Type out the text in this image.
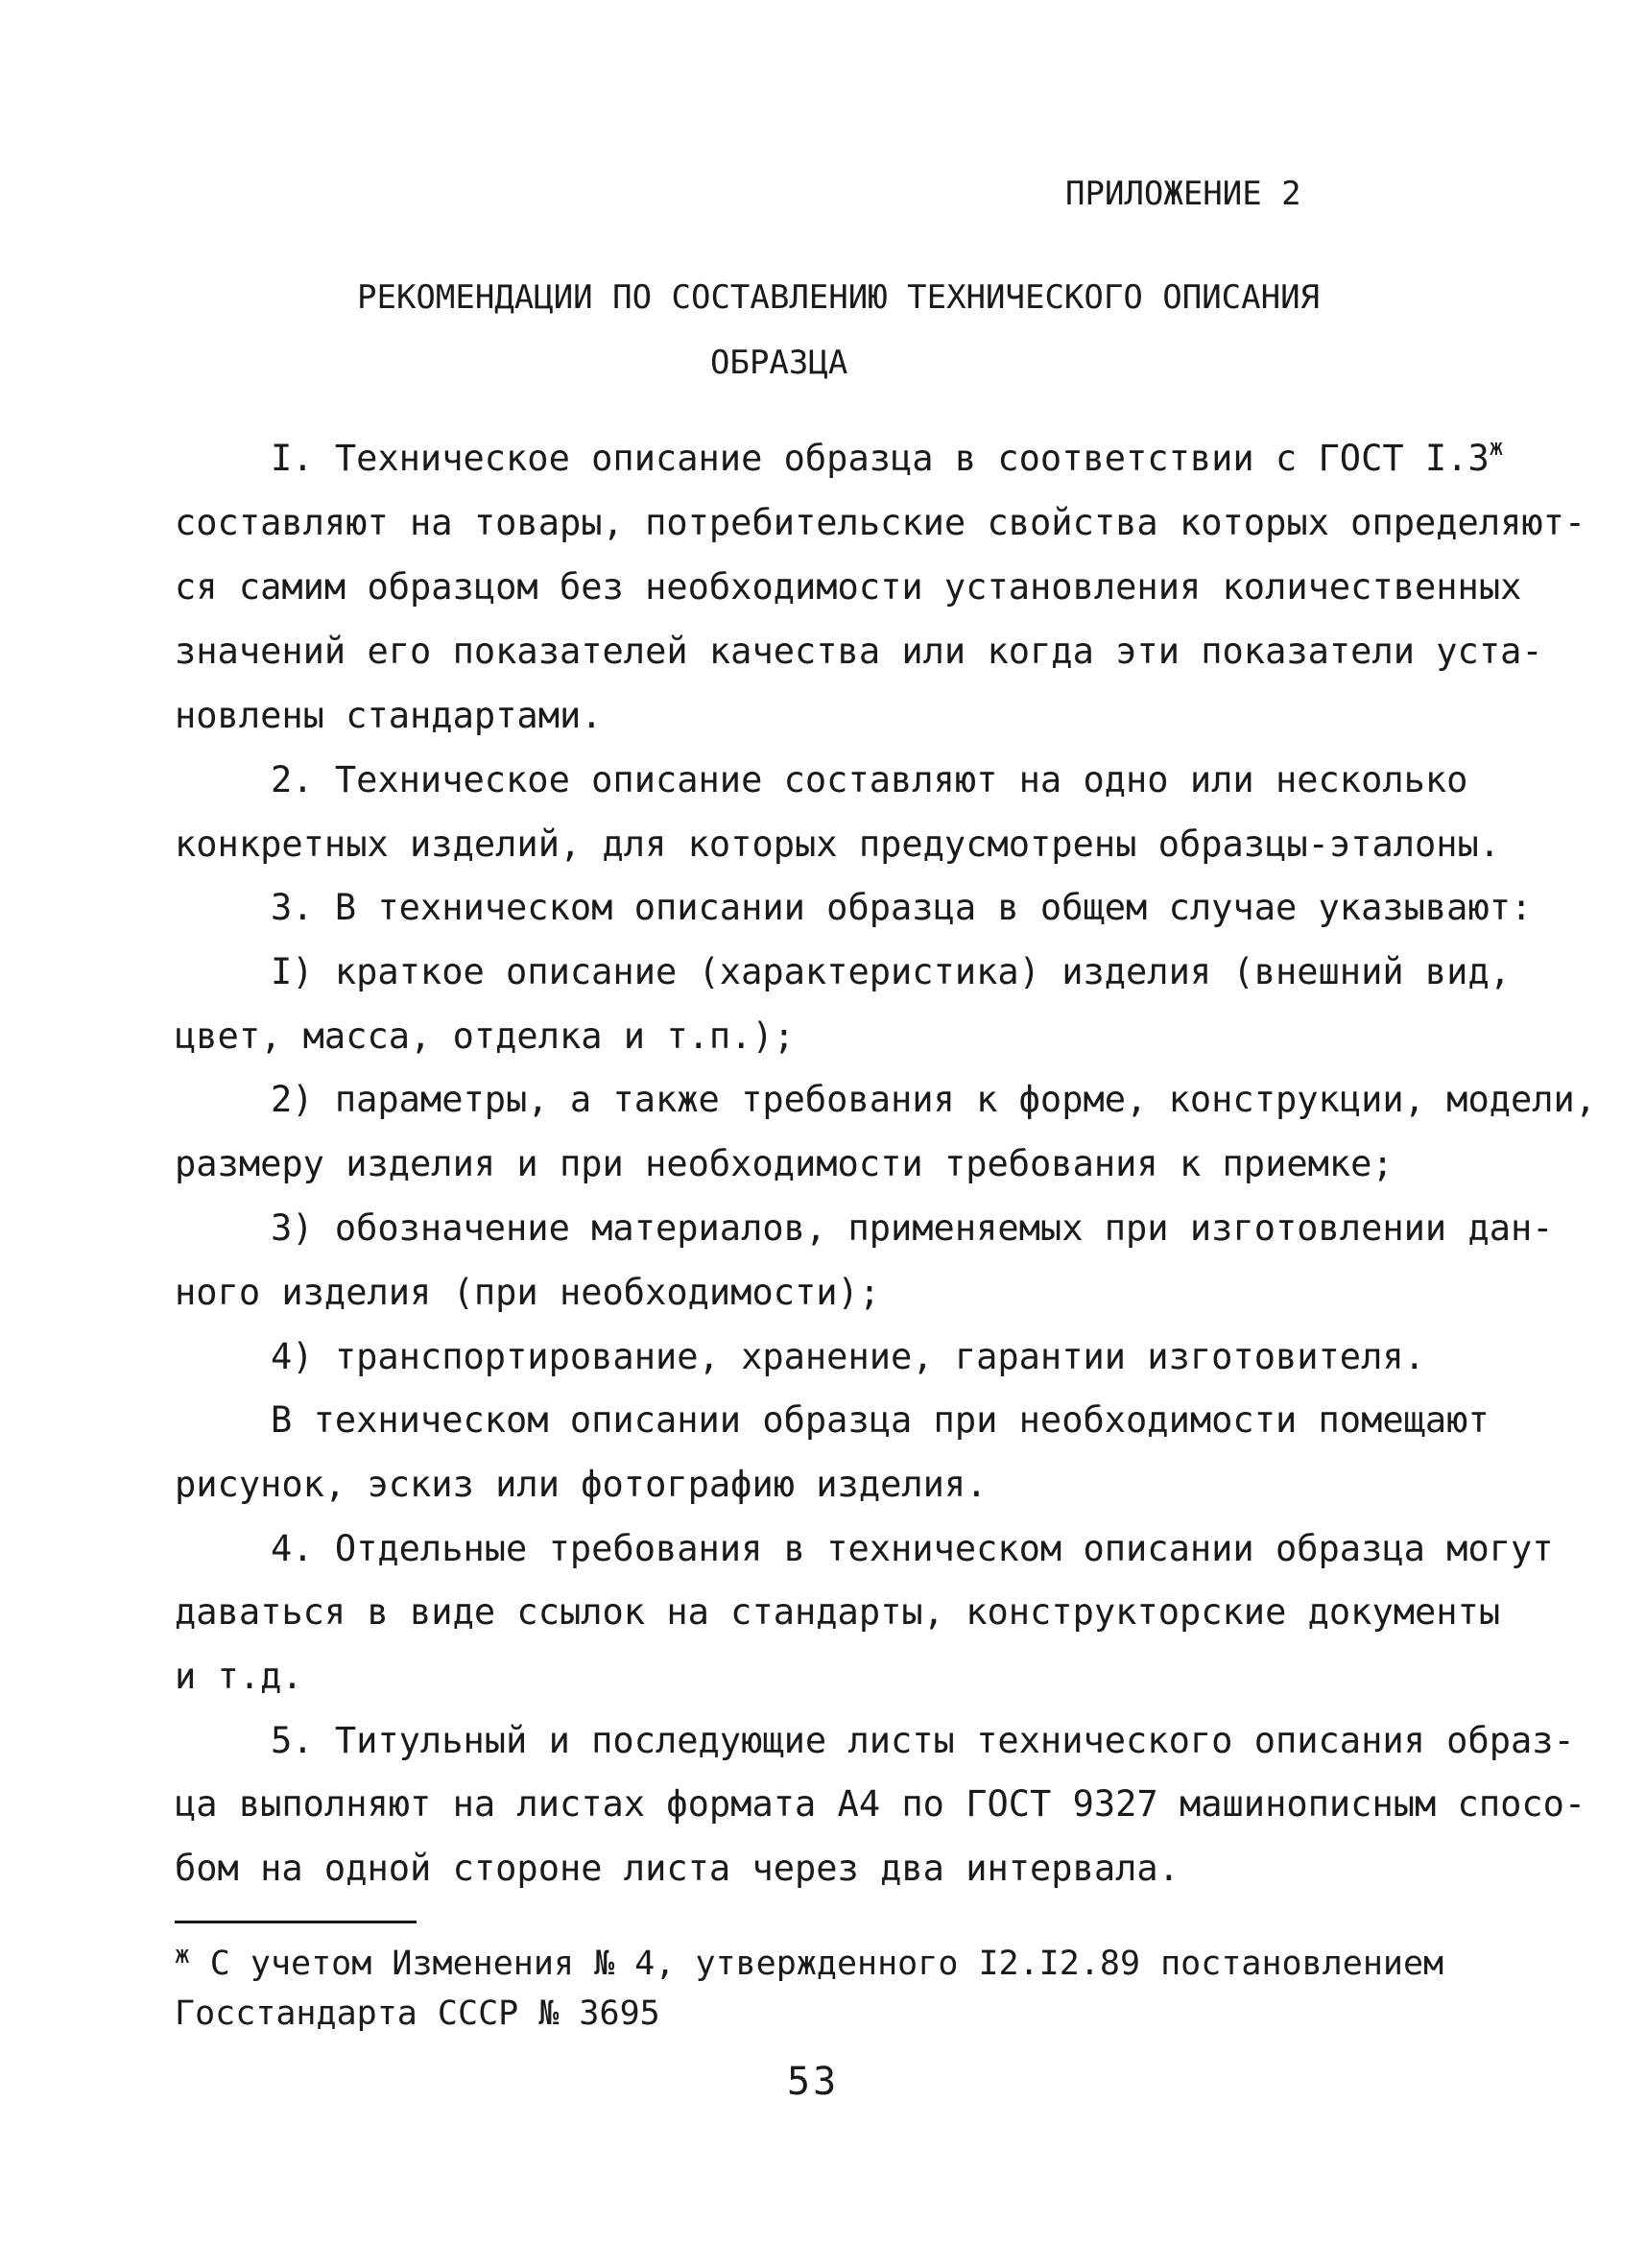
ПРИЛОЖЕНИЕ 2
РЕКОМЕНДАЦИИ ПО СОСТАВЛЕНИЮ ТЕХНИЧЕСКОГО ОПИСАНИЯ
ОБРАЗЦА
I. Техническое описание образца в соответствии с ГОСТ $I.3^ж$
составляют на товары, потребительские свойства которых определяют-
ся самим образцом без необходимости установления количественных
значений его показателей качества или когда эти показатели уста-
новлены стандартами.
2. Техническое описание составляют на одно или несколько
конкретных изделий, для которых предусмотрены образцы-эталоны.
3. В техническом описании образца в общем случае указывают:
I) краткое описание (характеристика) изделия (внешний вид,
цвет, масса, отделка и т.п.);
2) параметры, а также требования к форме, конструкции, модели,
размеру изделия и при необходимости требования к приемке;
3) обозначение материалов, применяемых при изготовлении дан-
ного изделия (при необходимости);
4) транспортирование, хранение, гарантии изготовителя.
В техническом описании образца при необходимости помещают
рисунок, эскиз или фотографию изделия.
4. Отдельные требования в техническом описании образца могут
даваться в виде ссылок на стандарты, конструкторские документы
и т.д.
5. Титульный и последующие листы технического описания образ-
ца выполняют на листах формата А4 по ГОСТ 9327 машинописным спосо-
бом на одной стороне листа через два интервала.
$^ж$ С учетом Изменения № 4, утвержденного I2.I2.89 постановлением
Госстандарта СССР № 3695
53
